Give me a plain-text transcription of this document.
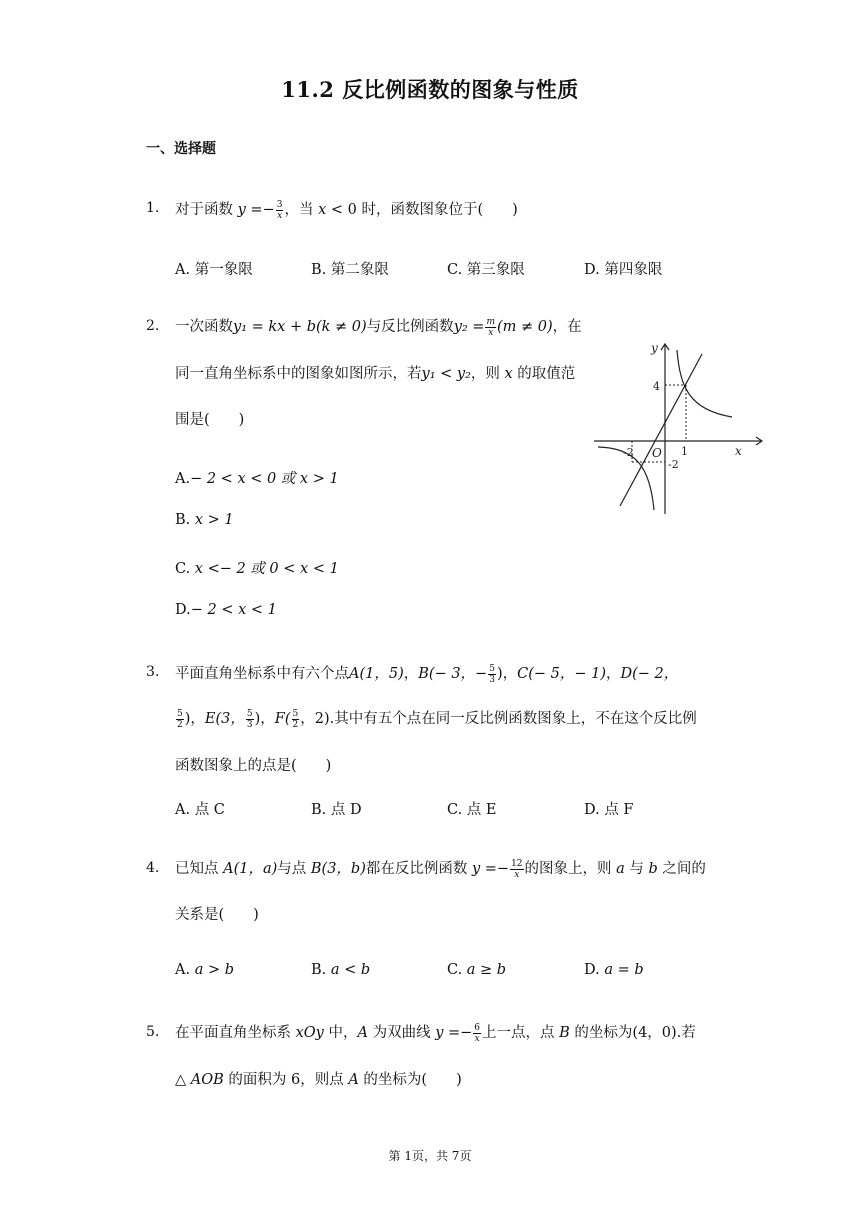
11.2 反比例函数的图象与性质
一、选择题
1. 对于函数 $y =- \frac{3}{x}$ ，当 x < 0 时，函数图象位于(　　)
A. 第一象限	B. 第二象限	C. 第三象限	D. 第四象限
2. 一次函数y₁ = kx + b(k ≠ 0)与反比例函数$y_2 = \frac{m}{x} (m \ne 0)$，在
同一直角坐标系中的图象如图所示，若y₁ < y₂，则 x 的取值范
围是(　　)
A.− 2 < x < 0 或 x > 1
B. x > 1
C. x <− 2 或 0 < x < 1
D.− 2 < x < 1
y
x
O
4
1
-2
-2
3. 平面直角坐标系中有六个点A(1，5)，B(− 3，− $\frac{5}{3}$ )，C(− 5，− 1)，D(− 2，
$\frac{5}{2}$ )，E(3， $\frac{5}{3}$ )，$F( \frac{5}{2}$ ，2).其中有五个点在同一反比例函数图象上，不在这个反比例
函数图象上的点是(　　)
A. 点 C	B. 点 D	C. 点 E	D. 点 F
4. 已知点 A(1，a)与点 B(3，b)都在反比例函数 $y =- \frac{12}{x}$ 的图象上，则 a 与 b 之间的
关系是(　　)
A. a > b	B. a < b	C. a ≥ b	D. a = b
5. 在平面直角坐标系 xOy 中，A 为双曲线 $y =- \frac{6}{x}$ 上一点，点 B 的坐标为(4，0).若
△ AOB 的面积为 6，则点 A 的坐标为(　　)
第 1页，共 7页
